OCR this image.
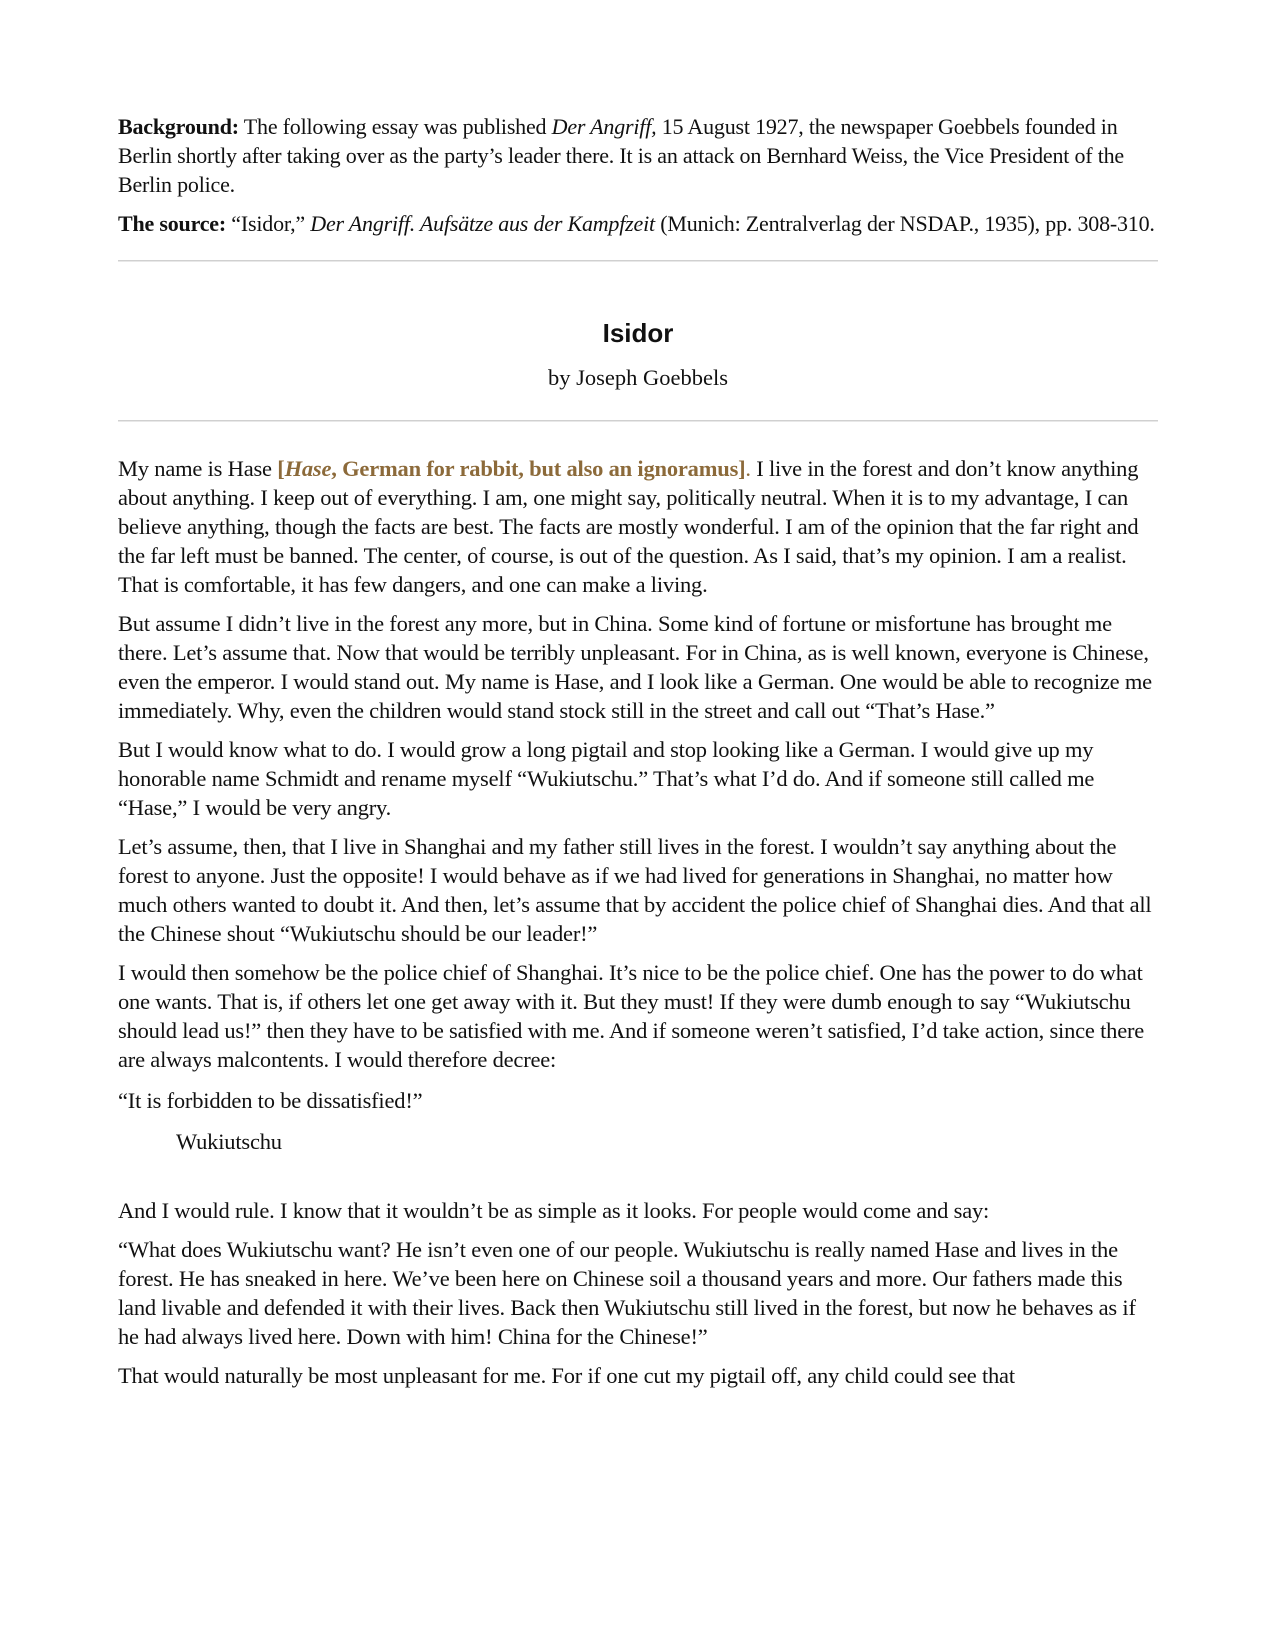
Background: The following essay was published Der Angriff, 15 August 1927, the newspaper Goebbels founded in Berlin shortly after taking over as the party’s leader there. It is an attack on Bernhard Weiss, the Vice President of the Berlin police.

The source: “Isidor,” Der Angriff. Aufsätze aus der Kampfzeit (Munich: Zentralverlag der NSDAP., 1935), pp. 308-310.

Isidor
by Joseph Goebbels

My name is Hase [Hase, German for rabbit, but also an ignoramus]. I live in the forest and don’t know anything about anything. I keep out of everything. I am, one might say, politically neutral. When it is to my advantage, I can believe anything, though the facts are best. The facts are mostly wonderful. I am of the opinion that the far right and the far left must be banned. The center, of course, is out of the question. As I said, that’s my opinion. I am a realist. That is comfortable, it has few dangers, and one can make a living.

But assume I didn’t live in the forest any more, but in China. Some kind of fortune or misfortune has brought me there. Let’s assume that. Now that would be terribly unpleasant. For in China, as is well known, everyone is Chinese, even the emperor. I would stand out. My name is Hase, and I look like a German. One would be able to recognize me immediately. Why, even the children would stand stock still in the street and call out “That’s Hase.”

But I would know what to do. I would grow a long pigtail and stop looking like a German. I would give up my honorable name Schmidt and rename myself “Wukiutschu.” That’s what I’d do. And if someone still called me “Hase,” I would be very angry.

Let’s assume, then, that I live in Shanghai and my father still lives in the forest. I wouldn’t say anything about the forest to anyone. Just the opposite! I would behave as if we had lived for generations in Shanghai, no matter how much others wanted to doubt it. And then, let’s assume that by accident the police chief of Shanghai dies. And that all the Chinese shout “Wukiutschu should be our leader!”

I would then somehow be the police chief of Shanghai. It’s nice to be the police chief. One has the power to do what one wants. That is, if others let one get away with it. But they must! If they were dumb enough to say “Wukiutschu should lead us!” then they have to be satisfied with me. And if someone weren’t satisfied, I’d take action, since there are always malcontents. I would therefore decree:

“It is forbidden to be dissatisfied!”

Wukiutschu

And I would rule. I know that it wouldn’t be as simple as it looks. For people would come and say:

“What does Wukiutschu want? He isn’t even one of our people. Wukiutschu is really named Hase and lives in the forest. He has sneaked in here. We’ve been here on Chinese soil a thousand years and more. Our fathers made this land livable and defended it with their lives. Back then Wukiutschu still lived in the forest, but now he behaves as if he had always lived here. Down with him! China for the Chinese!”

That would naturally be most unpleasant for me. For if one cut my pigtail off, any child could see that
